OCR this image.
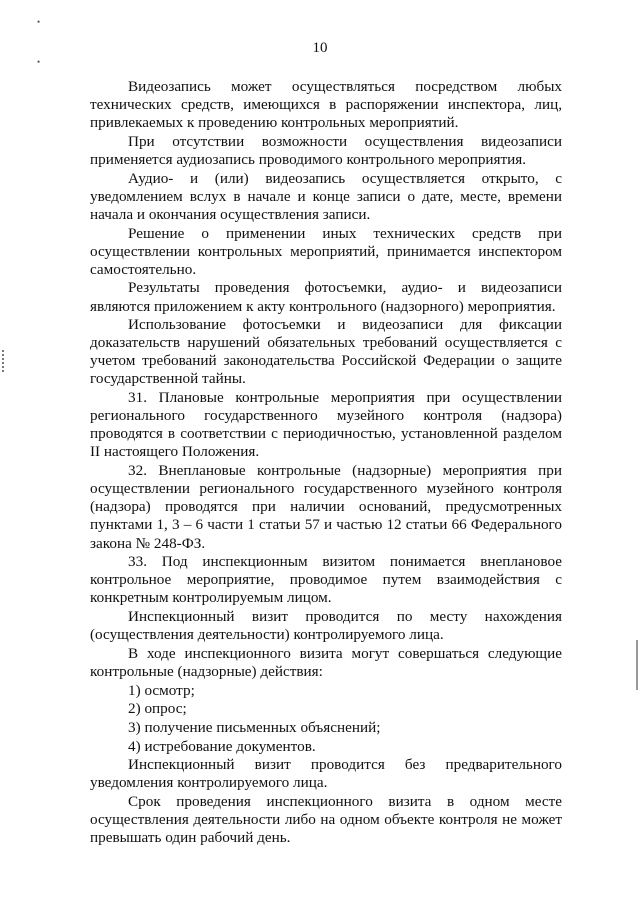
•
•
10

Видеозапись может осуществляться посредством любых технических средств, имеющихся в распоряжении инспектора, лиц, привлекаемых к проведению контрольных мероприятий.

При отсутствии возможности осуществления видеозаписи применяется аудиозапись проводимого контрольного мероприятия.

Аудио- и (или) видеозапись осуществляется открыто, с уведомлением вслух в начале и конце записи о дате, месте, времени начала и окончания осуществления записи.

Решение о применении иных технических средств при осуществлении контрольных мероприятий, принимается инспектором самостоятельно.

Результаты проведения фотосъемки, аудио- и видеозаписи являются приложением к акту контрольного (надзорного) мероприятия.

Использование фотосъемки и видеозаписи для фиксации доказательств нарушений обязательных требований осуществляется с учетом требований законодательства Российской Федерации о защите государственной тайны.

31. Плановые контрольные мероприятия при осуществлении регионального государственного музейного контроля (надзора) проводятся в соответствии с периодичностью, установленной разделом II настоящего Положения.

32. Внеплановые контрольные (надзорные) мероприятия при осуществлении регионального государственного музейного контроля (надзора) проводятся при наличии оснований, предусмотренных пунктами 1, 3 – 6 части 1 статьи 57 и частью 12 статьи 66 Федерального закона № 248-ФЗ.

33. Под инспекционным визитом понимается внеплановое контрольное мероприятие, проводимое путем взаимодействия с конкретным контролируемым лицом.

Инспекционный визит проводится по месту нахождения (осуществления деятельности) контролируемого лица.

В ходе инспекционного визита могут совершаться следующие контрольные (надзорные) действия:

1) осмотр;

2) опрос;

3) получение письменных объяснений;

4) истребование документов.

Инспекционный визит проводится без предварительного уведомления контролируемого лица.

Срок проведения инспекционного визита в одном месте осуществления деятельности либо на одном объекте контроля не может превышать один рабочий день.
